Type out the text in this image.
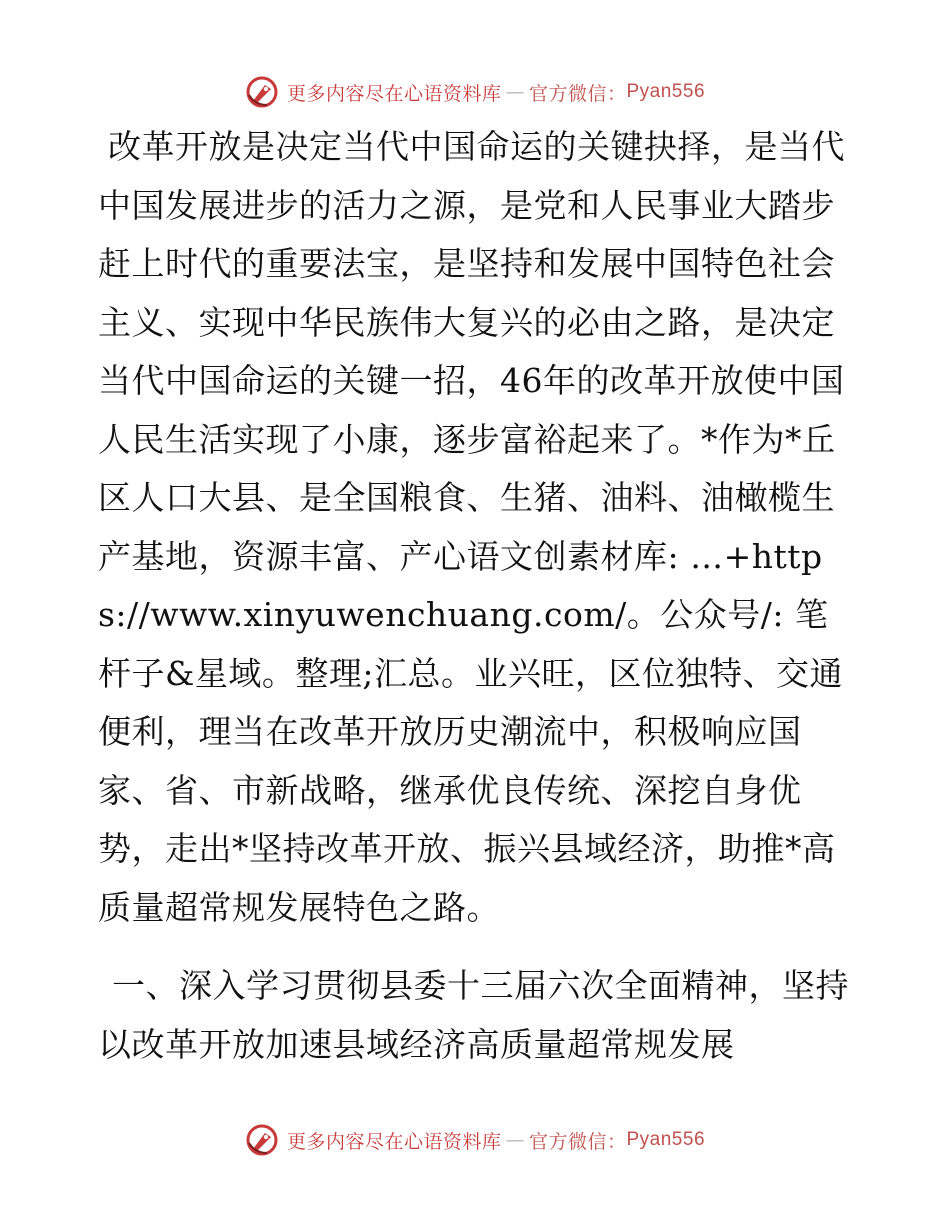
更多内容尽在心语资料库 — 官方微信： Pyan556

改革开放是决定当代中国命运的关键抉择，是当代中国发展进步的活力之源，是党和人民事业大踏步赶上时代的重要法宝，是坚持和发展中国特色社会主义、实现中华民族伟大复兴的必由之路，是决定当代中国命运的关键一招，46年的改革开放使中国人民生活实现了小康，逐步富裕起来了。*作为*丘区人口大县、是全国粮食、生猪、油料、油橄榄生产基地，资源丰富、产心语文创素材库: …+https://www.xinyuwenchuang.com/。公众号/: 笔杆子&星域。整理;汇总。业兴旺，区位独特、交通便利，理当在改革开放历史潮流中，积极响应国家、省、市新战略，继承优良传统、深挖自身优势，走出*坚持改革开放、振兴县域经济，助推*高质量超常规发展特色之路。

一、深入学习贯彻县委十三届六次全面精神，坚持以改革开放加速县域经济高质量超常规发展

更多内容尽在心语资料库 — 官方微信： Pyan556
